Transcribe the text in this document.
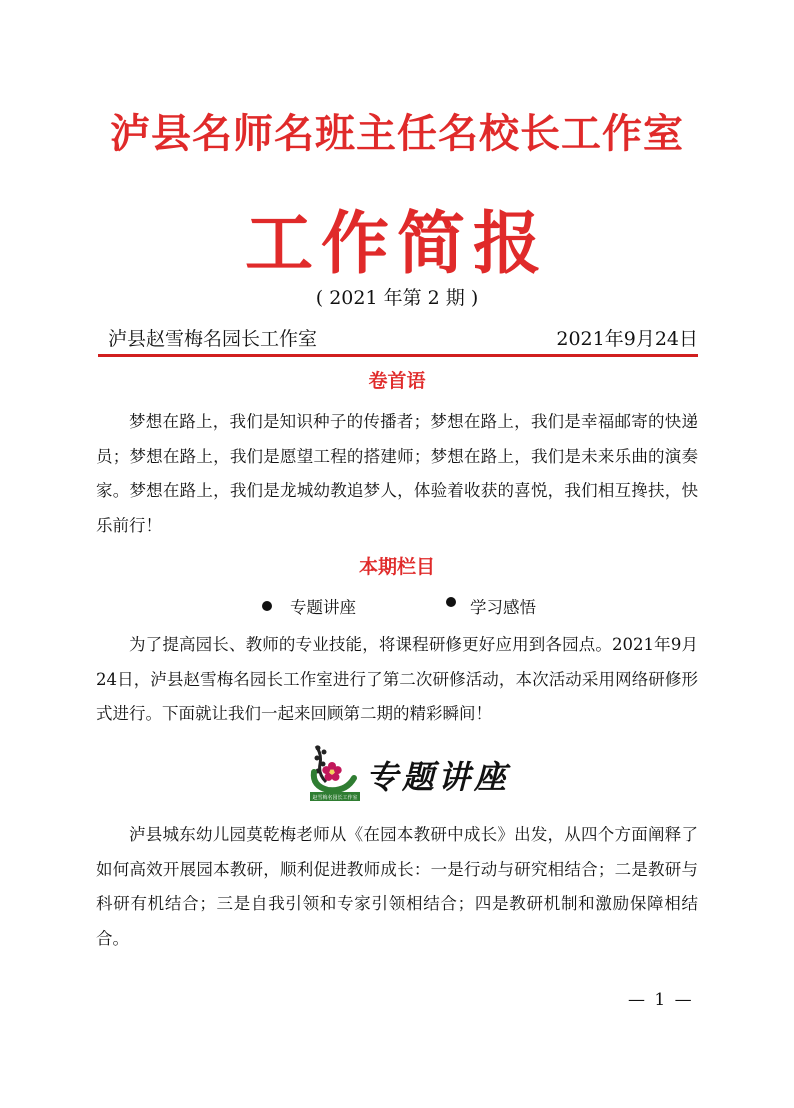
泸县名师名班主任名校长工作室
工作简报
( 2021 年第 2 期 )
泸县赵雪梅名园长工作室	2021年9月24日
卷首语
梦想在路上，我们是知识种子的传播者；梦想在路上，我们是幸福邮寄的快递员；梦想在路上，我们是愿望工程的搭建师；梦想在路上，我们是未来乐曲的演奏家。梦想在路上，我们是龙城幼教追梦人，体验着收获的喜悦，我们相互搀扶，快乐前行！
本期栏目
专题讲座	学习感悟
为了提高园长、教师的专业技能，将课程研修更好应用到各园点。2021年9月24日，泸县赵雪梅名园长工作室进行了第二次研修活动，本次活动采用网络研修形式进行。下面就让我们一起来回顾第二期的精彩瞬间！
赵雪梅名园长工作室
专题讲座
泸县城东幼儿园莫乾梅老师从《在园本教研中成长》出发，从四个方面阐释了如何高效开展园本教研，顺利促进教师成长：一是行动与研究相结合；二是教研与科研有机结合；三是自我引领和专家引领相结合；四是教研机制和激励保障相结合。
— 1 —
